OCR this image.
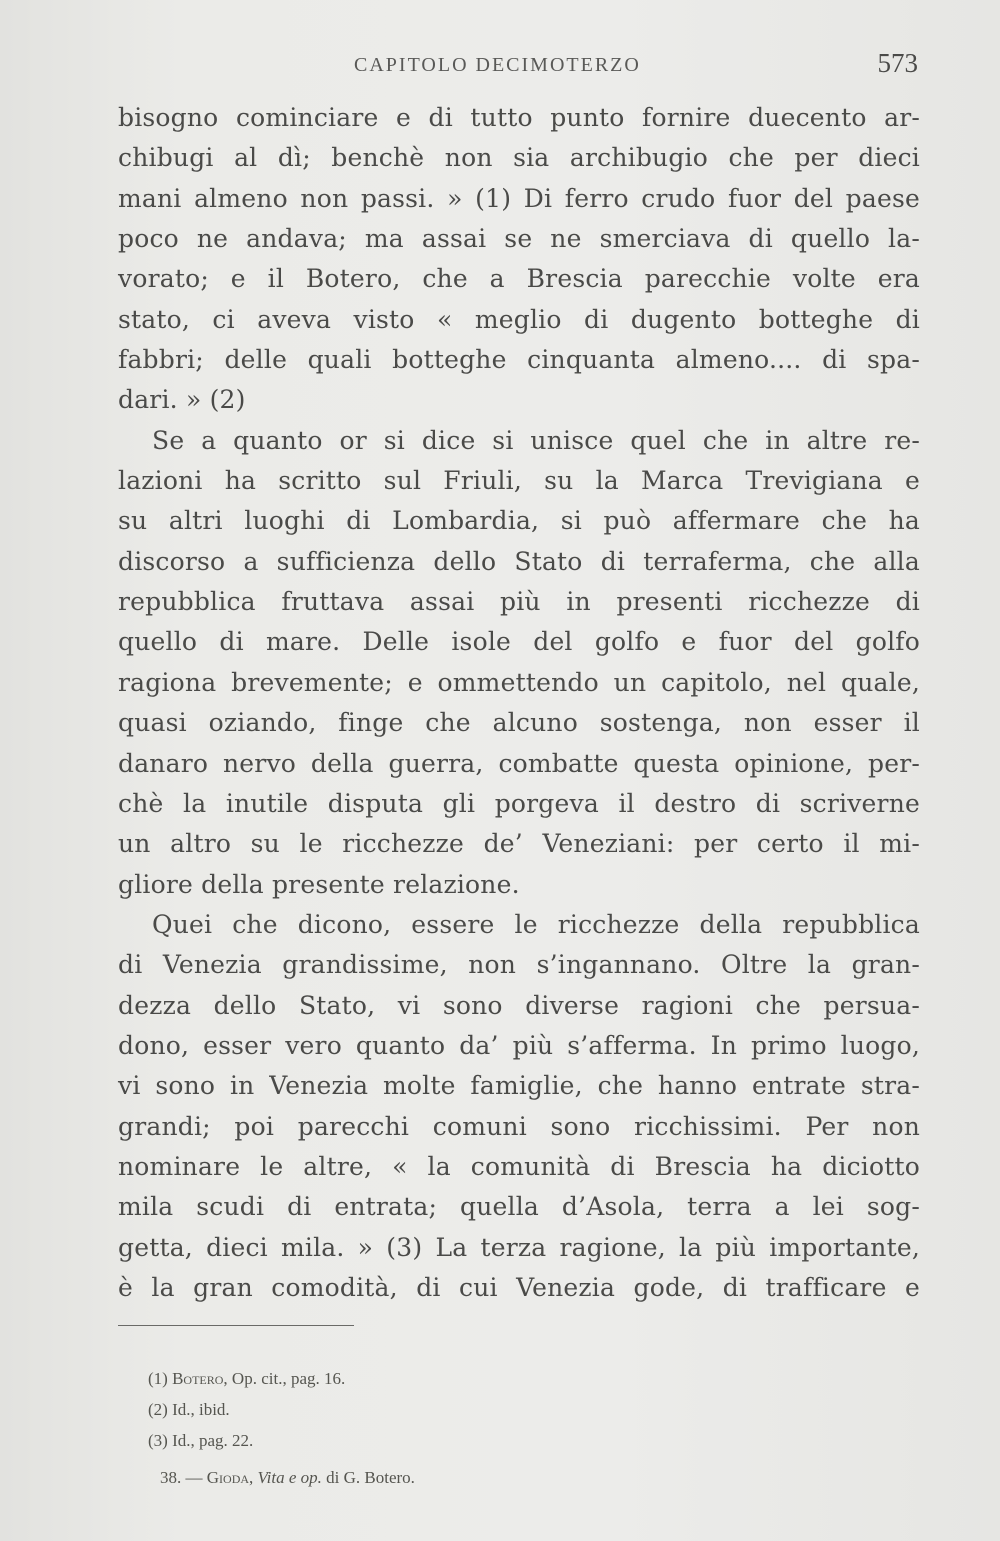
CAPITOLO DECIMOTERZO	573
bisogno cominciare e di tutto punto fornire duecento ar-
chibugi al dì; benchè non sia archibugio che per dieci
mani almeno non passi. » (1) Di ferro crudo fuor del paese
poco ne andava; ma assai se ne smerciava di quello la-
vorato; e il Botero, che a Brescia parecchie volte era
stato, ci aveva visto « meglio di dugento botteghe di
fabbri; delle quali botteghe cinquanta almeno.... di spa-
dari. » (2)
Se a quanto or si dice si unisce quel che in altre re-
lazioni ha scritto sul Friuli, su la Marca Trevigiana e
su altri luoghi di Lombardia, si può affermare che ha
discorso a sufficienza dello Stato di terraferma, che alla
repubblica fruttava assai più in presenti ricchezze di
quello di mare. Delle isole del golfo e fuor del golfo
ragiona brevemente; e ommettendo un capitolo, nel quale,
quasi oziando, finge che alcuno sostenga, non esser il
danaro nervo della guerra, combatte questa opinione, per-
chè la inutile disputa gli porgeva il destro di scriverne
un altro su le ricchezze de’ Veneziani: per certo il mi-
gliore della presente relazione.
Quei che dicono, essere le ricchezze della repubblica
di Venezia grandissime, non s’ingannano. Oltre la gran-
dezza dello Stato, vi sono diverse ragioni che persua-
dono, esser vero quanto da’ più s’afferma. In primo luogo,
vi sono in Venezia molte famiglie, che hanno entrate stra-
grandi; poi parecchi comuni sono ricchissimi. Per non
nominare le altre, « la comunità di Brescia ha diciotto
mila scudi di entrata; quella d’Asola, terra a lei sog-
getta, dieci mila. » (3) La terza ragione, la più importante,
è la gran comodità, di cui Venezia gode, di trafficare e
(1) Botero, Op. cit., pag. 16.
(2) Id., ibid.
(3) Id., pag. 22.
38. — Gioda, Vita e op. di G. Botero.
